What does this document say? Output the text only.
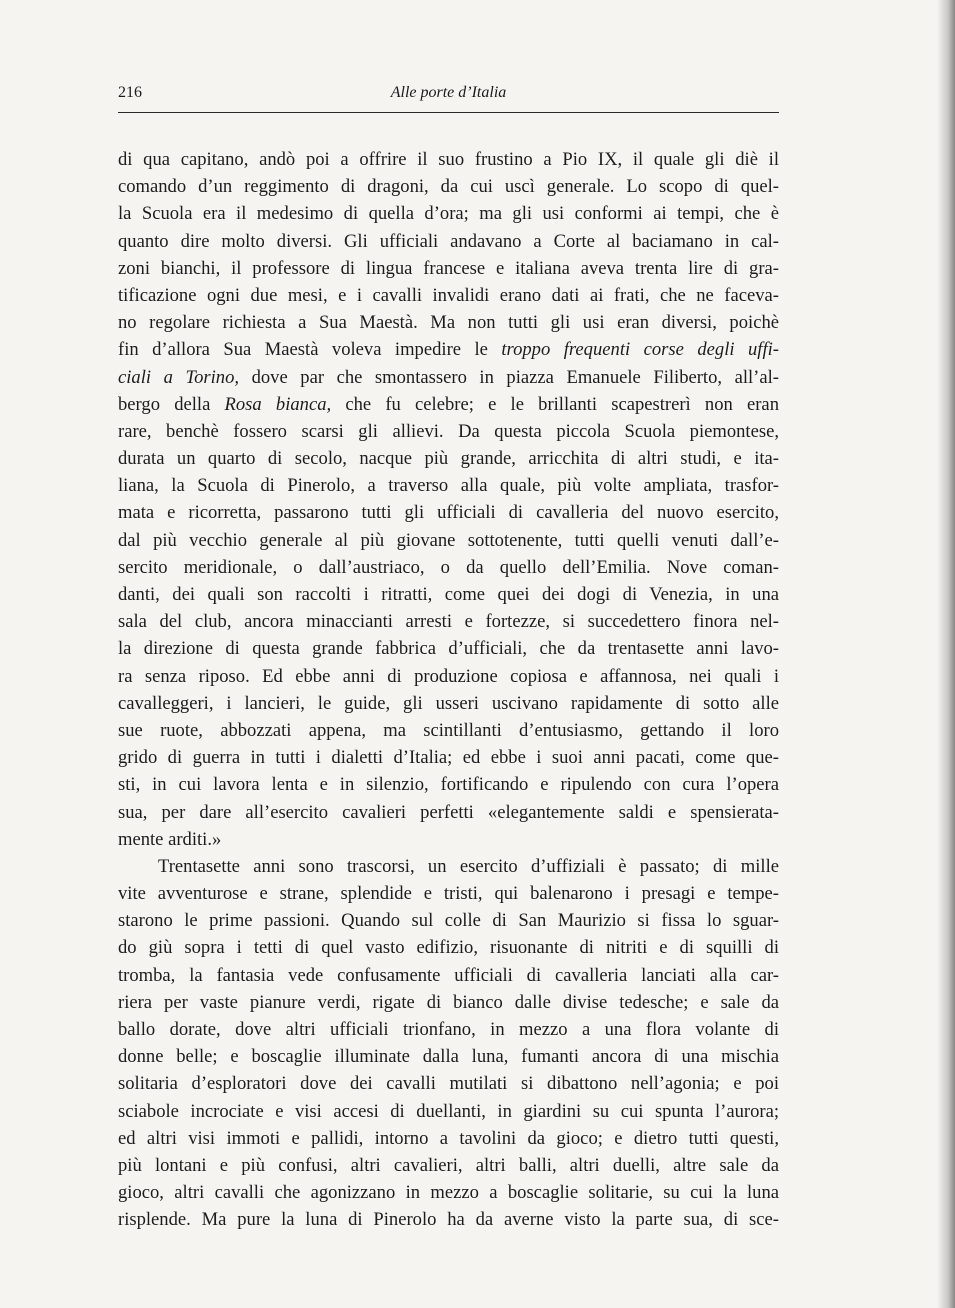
216	Alle porte d’Italia
di qua capitano, andò poi a offrire il suo frustino a Pio IX, il quale gli diè il
comando d’un reggimento di dragoni, da cui uscì generale. Lo scopo di quel-
la Scuola era il medesimo di quella d’ora; ma gli usi conformi ai tempi, che è
quanto dire molto diversi. Gli ufficiali andavano a Corte al baciamano in cal-
zoni bianchi, il professore di lingua francese e italiana aveva trenta lire di gra-
tificazione ogni due mesi, e i cavalli invalidi erano dati ai frati, che ne faceva-
no regolare richiesta a Sua Maestà. Ma non tutti gli usi eran diversi, poichè
fin d’allora Sua Maestà voleva impedire le troppo frequenti corse degli uffi-
ciali a Torino, dove par che smontassero in piazza Emanuele Filiberto, all’al-
bergo della Rosa bianca, che fu celebre; e le brillanti scapestrerì non eran
rare, benchè fossero scarsi gli allievi. Da questa piccola Scuola piemontese,
durata un quarto di secolo, nacque più grande, arricchita di altri studi, e ita-
liana, la Scuola di Pinerolo, a traverso alla quale, più volte ampliata, trasfor-
mata e ricorretta, passarono tutti gli ufficiali di cavalleria del nuovo esercito,
dal più vecchio generale al più giovane sottotenente, tutti quelli venuti dall’e-
sercito meridionale, o dall’austriaco, o da quello dell’Emilia. Nove coman-
danti, dei quali son raccolti i ritratti, come quei dei dogi di Venezia, in una
sala del club, ancora minaccianti arresti e fortezze, si succedettero finora nel-
la direzione di questa grande fabbrica d’ufficiali, che da trentasette anni lavo-
ra senza riposo. Ed ebbe anni di produzione copiosa e affannosa, nei quali i
cavalleggeri, i lancieri, le guide, gli usseri uscivano rapidamente di sotto alle
sue ruote, abbozzati appena, ma scintillanti d’entusiasmo, gettando il loro
grido di guerra in tutti i dialetti d’Italia; ed ebbe i suoi anni pacati, come que-
sti, in cui lavora lenta e in silenzio, fortificando e ripulendo con cura l’opera
sua, per dare all’esercito cavalieri perfetti «elegantemente saldi e spensierata-
mente arditi.»
Trentasette anni sono trascorsi, un esercito d’uffiziali è passato; di mille
vite avventurose e strane, splendide e tristi, qui balenarono i presagi e tempe-
starono le prime passioni. Quando sul colle di San Maurizio si fissa lo sguar-
do giù sopra i tetti di quel vasto edifizio, risuonante di nitriti e di squilli di
tromba, la fantasia vede confusamente ufficiali di cavalleria lanciati alla car-
riera per vaste pianure verdi, rigate di bianco dalle divise tedesche; e sale da
ballo dorate, dove altri ufficiali trionfano, in mezzo a una flora volante di
donne belle; e boscaglie illuminate dalla luna, fumanti ancora di una mischia
solitaria d’esploratori dove dei cavalli mutilati si dibattono nell’agonia; e poi
sciabole incrociate e visi accesi di duellanti, in giardini su cui spunta l’aurora;
ed altri visi immoti e pallidi, intorno a tavolini da gioco; e dietro tutti questi,
più lontani e più confusi, altri cavalieri, altri balli, altri duelli, altre sale da
gioco, altri cavalli che agonizzano in mezzo a boscaglie solitarie, su cui la luna
risplende. Ma pure la luna di Pinerolo ha da averne visto la parte sua, di sce-
